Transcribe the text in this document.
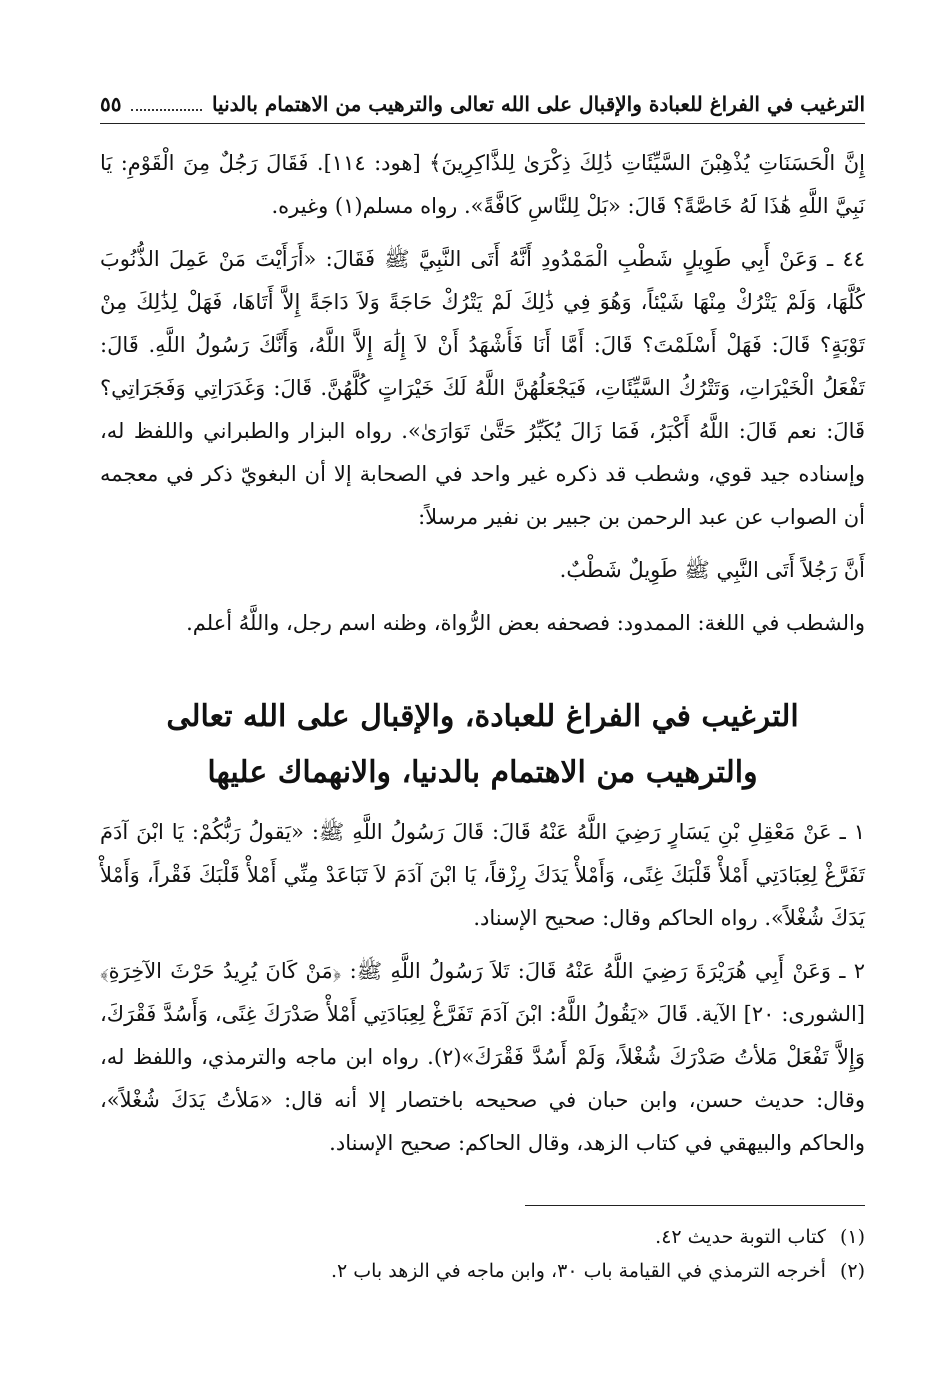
الترغيب في الفراغ للعبادة والإقبال على الله تعالى والترهيب من الاهتمام بالدنيا
٥٥

إِنَّ الْحَسَنَاتِ يُذْهِبْنَ السَّيِّئَاتِ ذَٰلِكَ ذِكْرَىٰ لِلذَّاكِرِينَ﴾ [هود: ١١٤]. فَقَالَ رَجُلٌ مِنَ الْقَوْمِ: يَا نَبِيَّ اللَّهِ هَٰذَا لَهُ خَاصَّةً؟ قَالَ: «بَلْ لِلنَّاسِ كَافَّةً». رواه مسلم(١) وغيره.

٤٤ ـ وَعَنْ أَبِي طَوِيلٍ شَطْبِ الْمَمْدُودِ أَنَّهُ أَتَى النَّبِيَّ ﷺ فَقَالَ: «أَرَأَيْتَ مَنْ عَمِلَ الذُّنُوبَ كُلَّهَا، وَلَمْ يَتْرُكْ مِنْهَا شَيْئاً، وَهُوَ فِي ذَٰلِكَ لَمْ يَتْرُكْ حَاجَةً وَلاَ دَاجَةً إِلاَّ أَتَاهَا، فَهَلْ لِذَٰلِكَ مِنْ تَوْبَةٍ؟ قَالَ: فَهَلْ أَسْلَمْتَ؟ قَالَ: أَمَّا أَنَا فَأَشْهَدُ أَنْ لاَ إِلَٰهَ إِلاَّ اللَّهُ، وَأَنَّكَ رَسُولُ اللَّهِ. قَالَ: تَفْعَلُ الْخَيْرَاتِ، وَتَتْرُكُ السَّيِّئَاتِ، فَيَجْعَلُهُنَّ اللَّهُ لَكَ خَيْرَاتٍ كُلَّهُنَّ. قَالَ: وَغَدَرَاتِي وَفَجَرَاتِي؟ قَالَ: نعم قَالَ: اللَّهُ أَكْبَرُ، فَمَا زَالَ يُكَبِّرُ حَتَّىٰ تَوَارَىٰ». رواه البزار والطبراني واللفظ له، وإسناده جيد قوي، وشطب قد ذكره غير واحد في الصحابة إلا أن البغويّ ذكر في معجمه أن الصواب عن عبد الرحمن بن جبير بن نفير مرسلاً:

أَنَّ رَجُلاً أَتَى النَّبِي ﷺ طَوِيلٌ شَطْبٌ.

والشطب في اللغة: الممدود: فصحفه بعض الرُّواة، وظنه اسم رجل، واللَّهُ أعلم.

الترغيب في الفراغ للعبادة، والإقبال على الله تعالى
والترهيب من الاهتمام بالدنيا، والانهماك عليها

١ ـ عَنْ مَعْقِلِ بْنِ يَسَارٍ رَضِيَ اللَّهُ عَنْهُ قَالَ: قَالَ رَسُولُ اللَّهِ ﷺ: «يَقولُ رَبُّكُمْ: يَا ابْنَ آدَمَ تَفَرَّغْ لِعِبَادَتِي أَمْلأْ قَلْبَكَ غِنًى، وَأَمْلأْ يَدَكَ رِزْقاً، يَا ابْنَ آدَمَ لاَ تَبَاعَدْ مِنِّي أَمْلأْ قَلْبَكَ فَقْراً، وَأَمْلأْ يَدَكَ شُغْلاً». رواه الحاكم وقال: صحيح الإسناد.

٢ ـ وَعَنْ أَبِي هُرَيْرَةَ رَضِيَ اللَّهُ عَنْهُ قَالَ: تَلاَ رَسُولُ اللَّهِ ﷺ: ﴿مَنْ كَانَ يُرِيدُ حَرْثَ الآخِرَةِ﴾ [الشورى: ٢٠] الآية. قَالَ «يَقُولُ اللَّهُ: ابْنَ آدَمَ تَفَرَّغْ لِعِبَادَتِي أَمْلأْ صَدْرَكَ غِنًى، وَأَسُدَّ فَقْرَكَ، وَإِلاَّ تَفْعَلْ مَلأتُ صَدْرَكَ شُغْلاً، وَلَمْ أَسُدَّ فَقْرَكَ»(٢). رواه ابن ماجه والترمذي، واللفظ له، وقال: حديث حسن، وابن حبان في صحيحه باختصار إلا أنه قال: «مَلأتُ يَدَكَ شُغْلاً»، والحاكم والبيهقي في كتاب الزهد، وقال الحاكم: صحيح الإسناد.

(١)
كتاب التوبة حديث ٤٢.
(٢)
أخرجه الترمذي في القيامة باب ٣٠، وابن ماجه في الزهد باب ٢.
